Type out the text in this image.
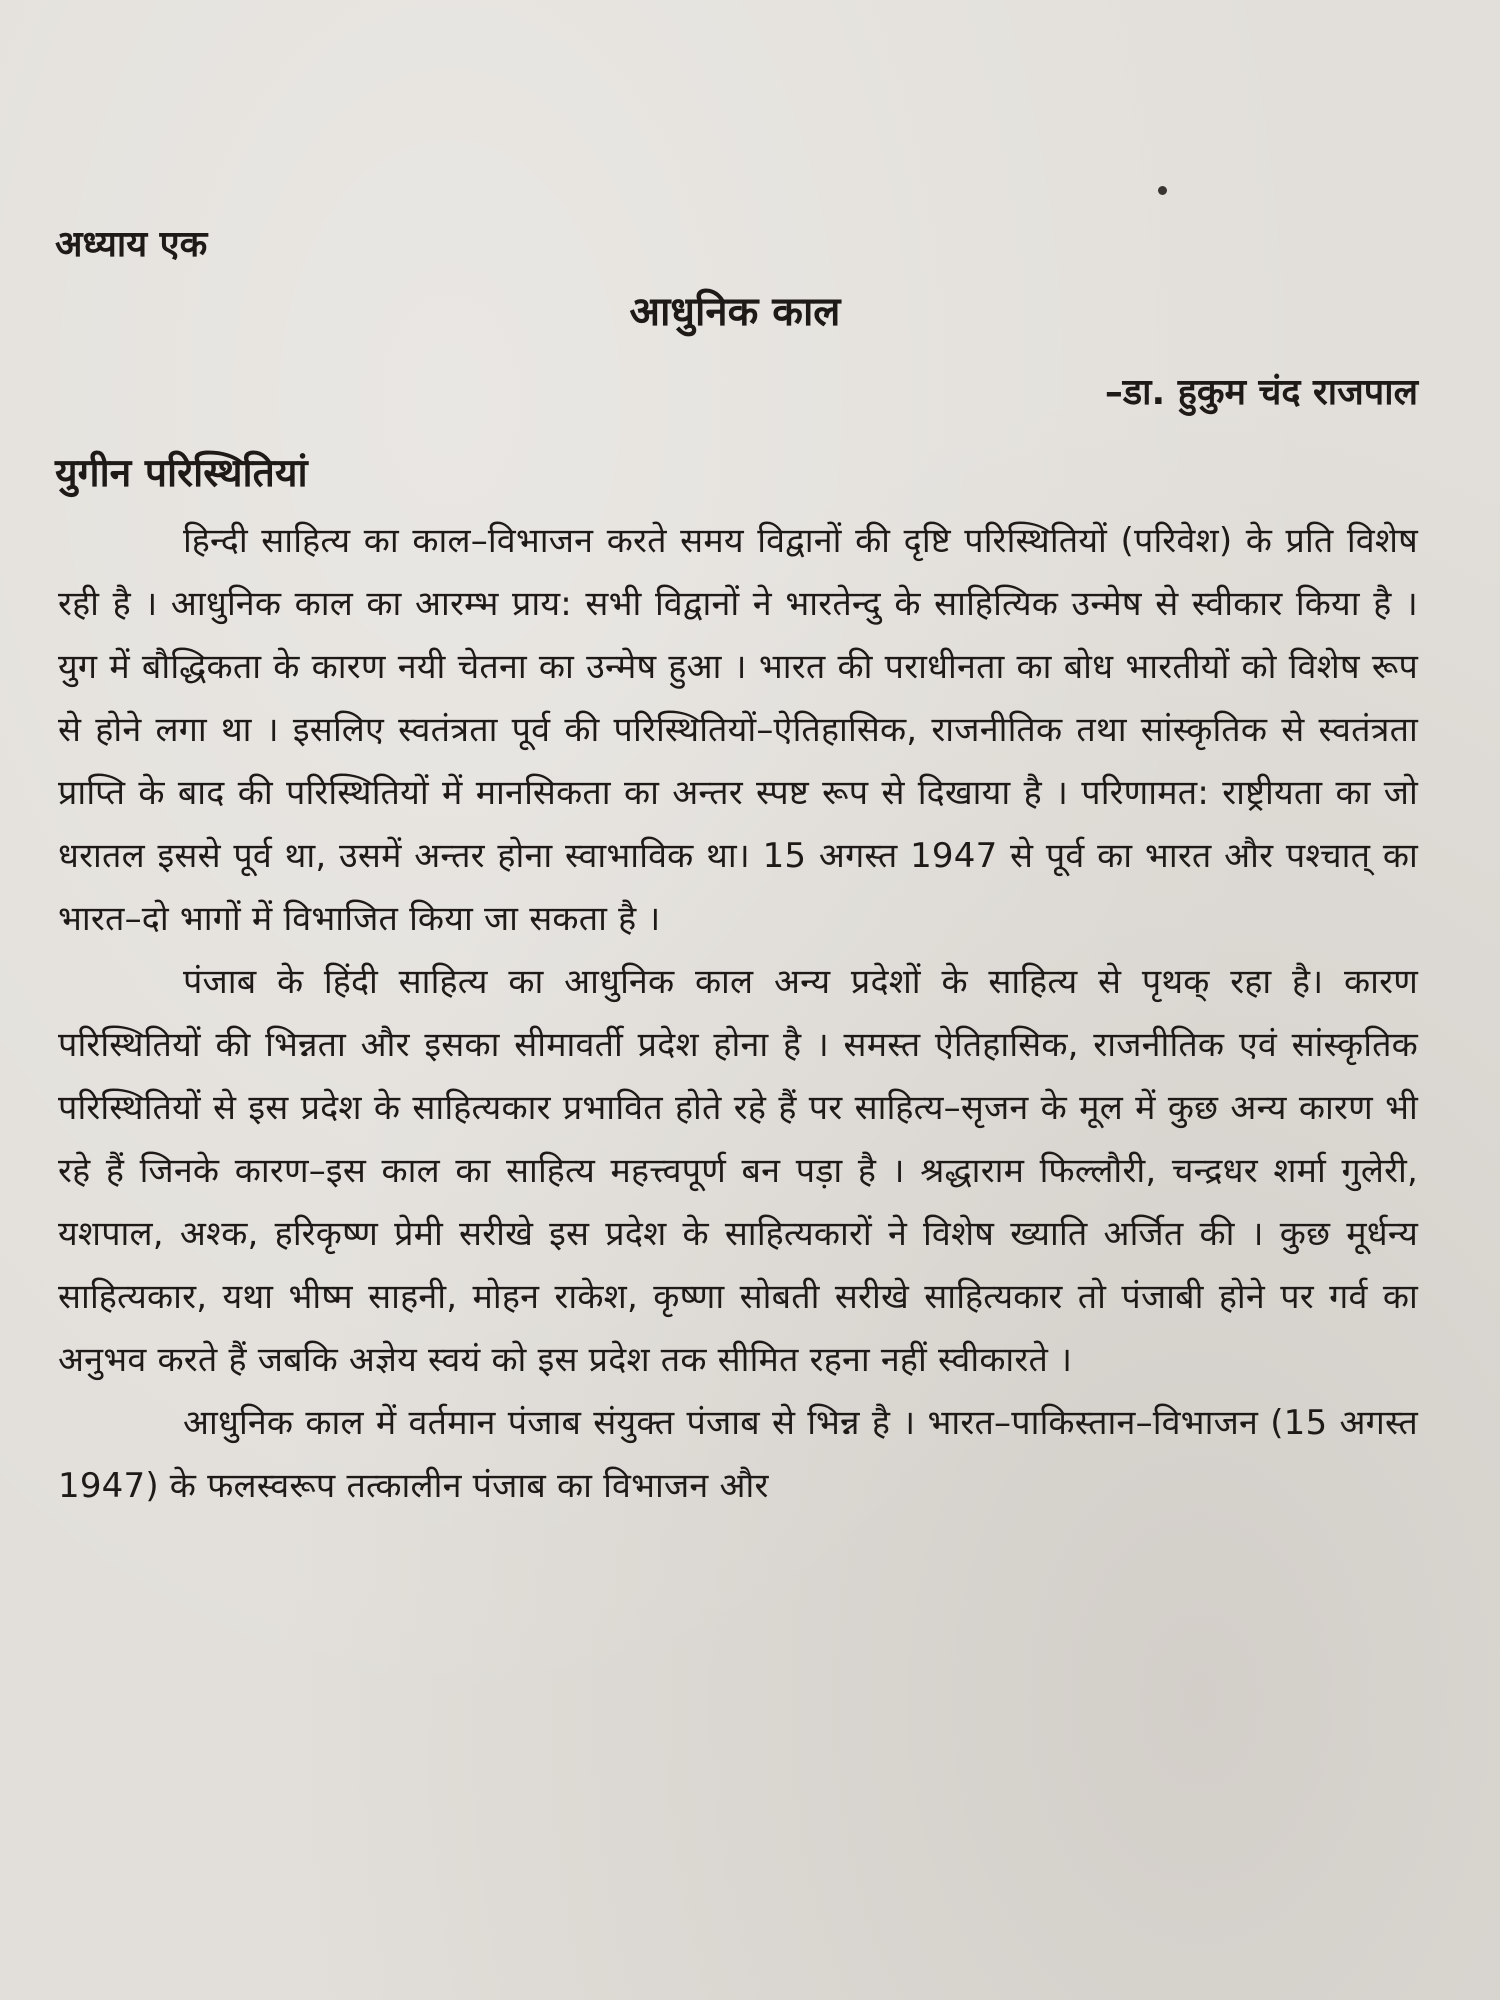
अध्याय एक
आधुनिक काल
–डा. हुकुम चंद राजपाल
युगीन परिस्थितियां

हिन्दी साहित्य का काल–विभाजन करते समय विद्वानों की दृष्टि परिस्थितियों (परिवेश) के प्रति विशेष रही है । आधुनिक काल का आरम्भ प्राय: सभी विद्वानों ने भारतेन्दु के साहित्यिक उन्मेष से स्वीकार किया है । युग में बौद्धिकता के कारण नयी चेतना का उन्मेष हुआ । भारत की पराधीनता का बोध भारतीयों को विशेष रूप से होने लगा था । इसलिए स्वतंत्रता पूर्व की परिस्थितियों–ऐतिहासिक, राजनीतिक तथा सांस्कृतिक से स्वतंत्रता प्राप्ति के बाद की परिस्थितियों में मानसिकता का अन्तर स्पष्ट रूप से दिखाया है । परिणामत: राष्ट्रीयता का जो धरातल इससे पूर्व था, उसमें अन्तर होना स्वाभाविक था। 15 अगस्त 1947 से पूर्व का भारत और पश्चात् का भारत–दो भागों में विभाजित किया जा सकता है ।

पंजाब के हिंदी साहित्य का आधुनिक काल अन्य प्रदेशों के साहित्य से पृथक् रहा है। कारण परिस्थितियों की भिन्नता और इसका सीमावर्ती प्रदेश होना है । समस्त ऐतिहासिक, राजनीतिक एवं सांस्कृतिक परिस्थितियों से इस प्रदेश के साहित्यकार प्रभावित होते रहे हैं पर साहित्य–सृजन के मूल में कुछ अन्य कारण भी रहे हैं जिनके कारण–इस काल का साहित्य महत्त्वपूर्ण बन पड़ा है । श्रद्धाराम फिल्लौरी, चन्द्रधर शर्मा गुलेरी, यशपाल, अश्क, हरिकृष्ण प्रेमी सरीखे इस प्रदेश के साहित्यकारों ने विशेष ख्याति अर्जित की । कुछ मूर्धन्य साहित्यकार, यथा भीष्म साहनी, मोहन राकेश, कृष्णा सोबती सरीखे साहित्यकार तो पंजाबी होने पर गर्व का अनुभव करते हैं जबकि अज्ञेय स्वयं को इस प्रदेश तक सीमित रहना नहीं स्वीकारते ।

आधुनिक काल में वर्तमान पंजाब संयुक्त पंजाब से भिन्न है । भारत–पाकिस्तान–विभाजन (15 अगस्त 1947) के फलस्वरूप तत्कालीन पंजाब का विभाजन और
